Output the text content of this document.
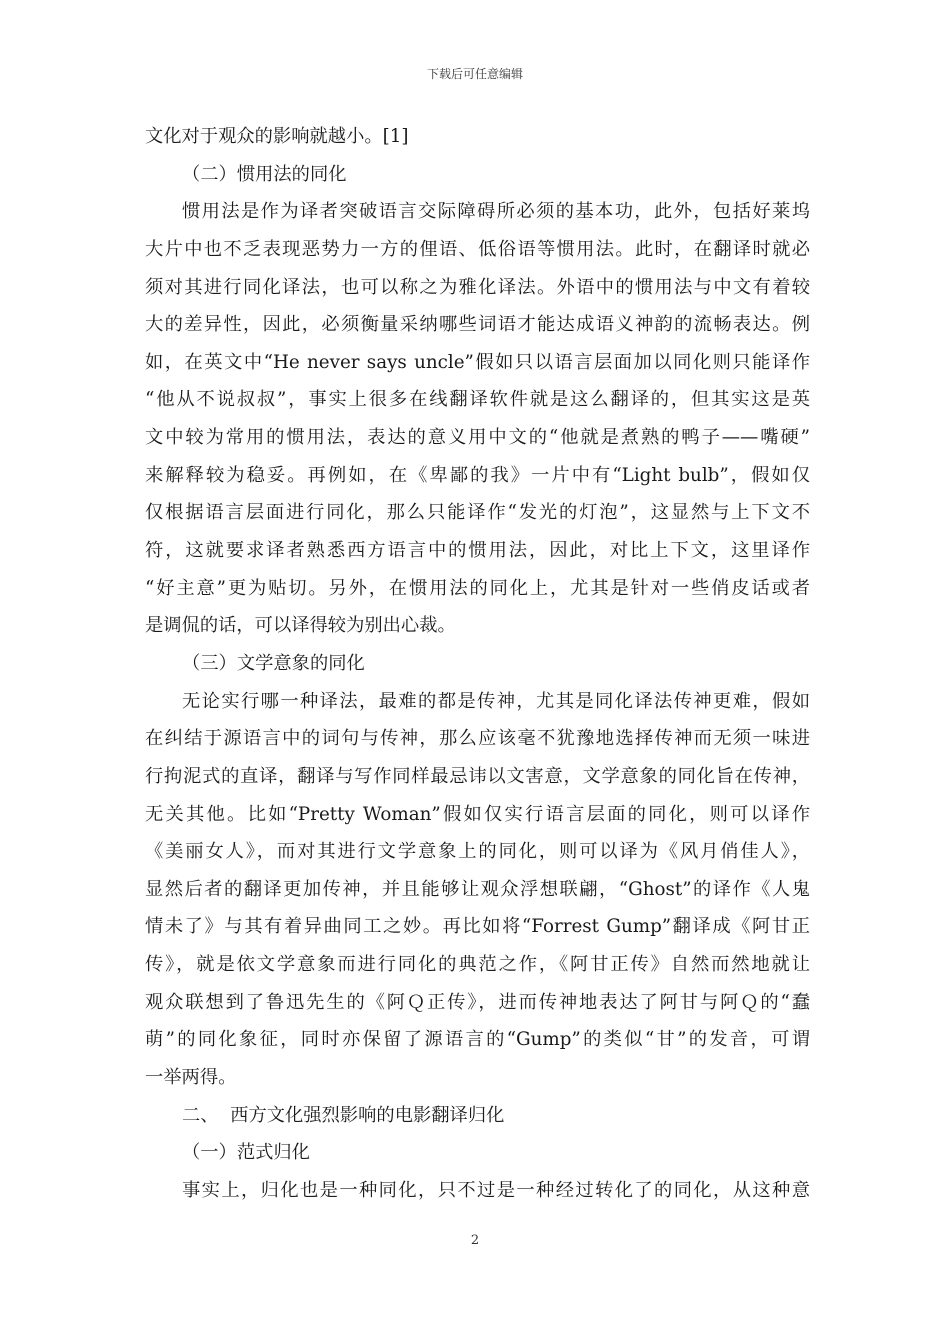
下载后可任意编辑
文化对于观众的影响就越小。[1]
（二）惯用法的同化
惯用法是作为译者突破语言交际障碍所必须的基本功，此外，包括好莱坞
大片中也不乏表现恶势力一方的俚语、低俗语等惯用法。此时，在翻译时就必
须对其进行同化译法，也可以称之为雅化译法。外语中的惯用法与中文有着较
大的差异性，因此，必须衡量采纳哪些词语才能达成语义神韵的流畅表达。例
如，在英文中“He never says uncle”假如只以语言层面加以同化则只能译作
“他从不说叔叔”，事实上很多在线翻译软件就是这么翻译的，但其实这是英
文中较为常用的惯用法，表达的意义用中文的“他就是煮熟的鸭子——嘴硬”
来解释较为稳妥。再例如，在《卑鄙的我》一片中有“Light bulb”，假如仅
仅根据语言层面进行同化，那么只能译作“发光的灯泡”，这显然与上下文不
符，这就要求译者熟悉西方语言中的惯用法，因此，对比上下文，这里译作
“好主意”更为贴切。另外，在惯用法的同化上，尤其是针对一些俏皮话或者
是调侃的话，可以译得较为别出心裁。
（三）文学意象的同化
无论实行哪一种译法，最难的都是传神，尤其是同化译法传神更难，假如
在纠结于源语言中的词句与传神，那么应该毫不犹豫地选择传神而无须一味进
行拘泥式的直译，翻译与写作同样最忌讳以文害意，文学意象的同化旨在传神，
无关其他。比如“Pretty Woman”假如仅实行语言层面的同化，则可以译作
《美丽女人》，而对其进行文学意象上的同化，则可以译为《风月俏佳人》，
显然后者的翻译更加传神，并且能够让观众浮想联翩，“Ghost”的译作《人鬼
情未了》与其有着异曲同工之妙。再比如将“Forrest Gump”翻译成《阿甘正
传》，就是依文学意象而进行同化的典范之作，《阿甘正传》自然而然地就让
观众联想到了鲁迅先生的《阿Ｑ正传》，进而传神地表达了阿甘与阿Ｑ的“蠢
萌”的同化象征，同时亦保留了源语言的“Gump”的类似“甘”的发音，可谓
一举两得。
二、  西方文化强烈影响的电影翻译归化
（一）范式归化
事实上，归化也是一种同化，只不过是一种经过转化了的同化，从这种意
2
